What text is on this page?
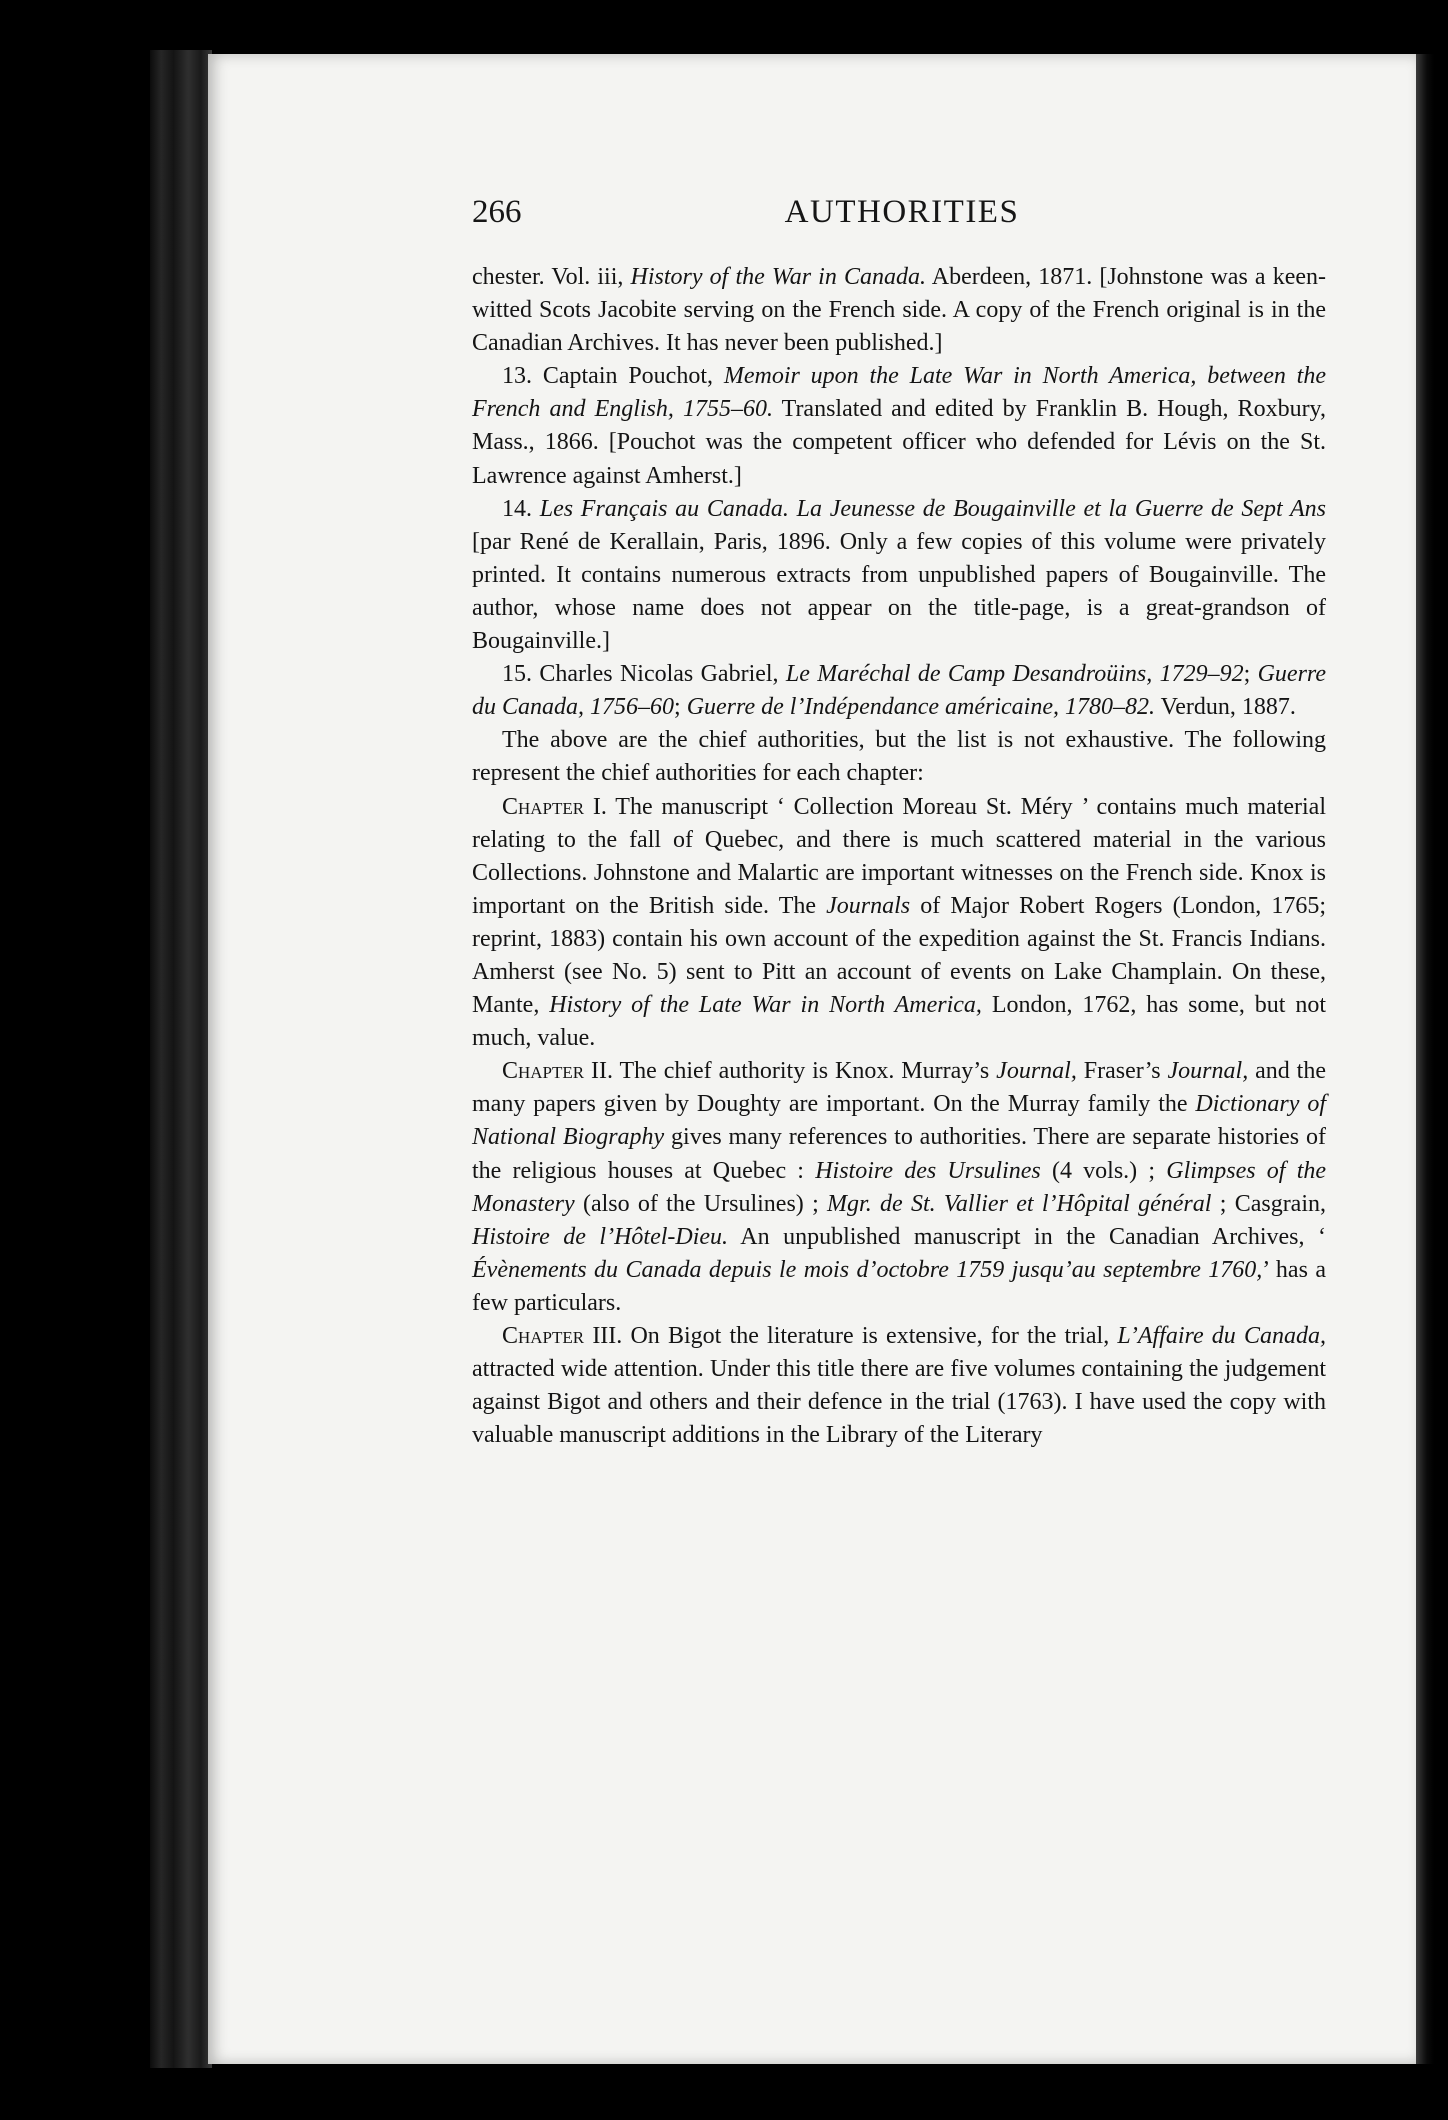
266	AUTHORITIES

chester. Vol. iii, History of the War in Canada. Aberdeen, 1871. [Johnstone was a keen-witted Scots Jacobite serving on the French side. A copy of the French original is in the Canadian Archives. It has never been published.]

13. Captain Pouchot, Memoir upon the Late War in North America, between the French and English, 1755–60. Translated and edited by Franklin B. Hough, Roxbury, Mass., 1866. [Pouchot was the competent officer who defended for Lévis on the St. Lawrence against Amherst.]

14. Les Français au Canada. La Jeunesse de Bougainville et la Guerre de Sept Ans [par René de Kerallain, Paris, 1896. Only a few copies of this volume were privately printed. It contains numerous extracts from unpublished papers of Bougainville. The author, whose name does not appear on the title-page, is a great-grandson of Bougainville.]

15. Charles Nicolas Gabriel, Le Maréchal de Camp Desandroüins, 1729–92; Guerre du Canada, 1756–60; Guerre de l’Indépendance américaine, 1780–82. Verdun, 1887.

The above are the chief authorities, but the list is not exhaustive. The following represent the chief authorities for each chapter:

Chapter I. The manuscript ‘ Collection Moreau St. Méry ’ contains much material relating to the fall of Quebec, and there is much scattered material in the various Collections. Johnstone and Malartic are important witnesses on the French side. Knox is important on the British side. The Journals of Major Robert Rogers (London, 1765; reprint, 1883) contain his own account of the expedition against the St. Francis Indians. Amherst (see No. 5) sent to Pitt an account of events on Lake Champlain. On these, Mante, History of the Late War in North America, London, 1762, has some, but not much, value.

Chapter II. The chief authority is Knox. Murray’s Journal, Fraser’s Journal, and the many papers given by Doughty are important. On the Murray family the Dictionary of National Biography gives many references to authorities. There are separate histories of the religious houses at Quebec : Histoire des Ursulines (4 vols.) ; Glimpses of the Monastery (also of the Ursulines) ; Mgr. de St. Vallier et l’Hôpital général ; Casgrain, Histoire de l’Hôtel-Dieu. An unpublished manuscript in the Canadian Archives, ‘ Évènements du Canada depuis le mois d’octobre 1759 jusqu’au septembre 1760,’ has a few particulars.

Chapter III. On Bigot the literature is extensive, for the trial, L’Affaire du Canada, attracted wide attention. Under this title there are five volumes containing the judgement against Bigot and others and their defence in the trial (1763). I have used the copy with valuable manuscript additions in the Library of the Literary
